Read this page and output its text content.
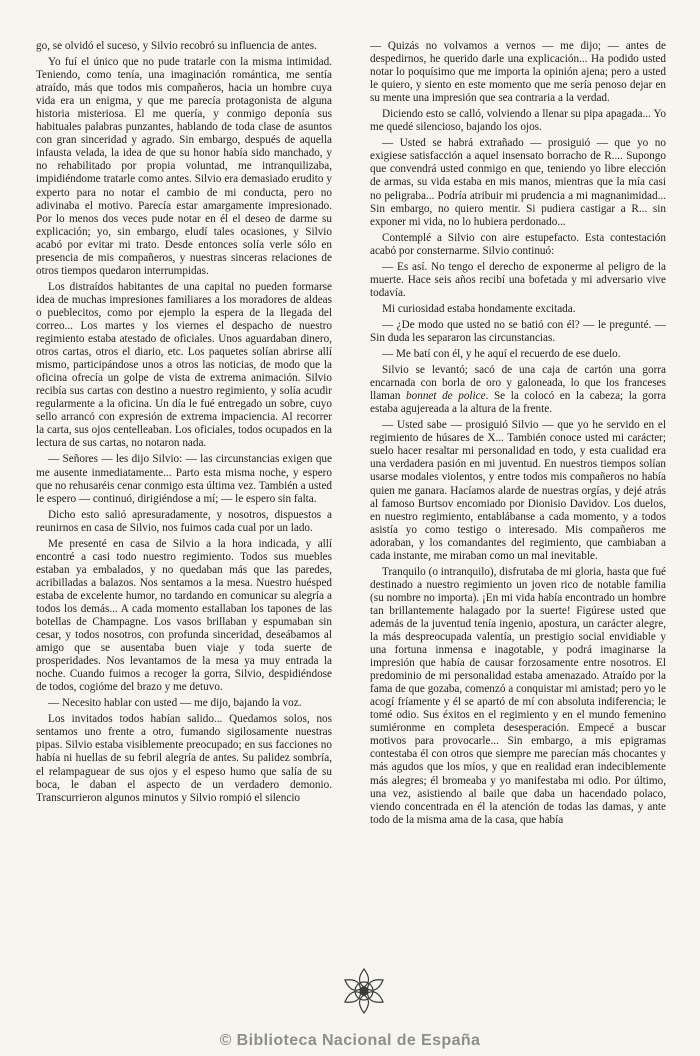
go, se olvidó el suceso, y Silvio recobró su influencia de antes.

Yo fuí el único que no pude tratarle con la misma intimidad. Teniendo, como tenía, una imaginación romántica, me sentía atraído, más que todos mis compañeros, hacia un hombre cuya vida era un enigma, y que me parecía protagonista de alguna historia misteriosa. El me quería, y conmigo deponía sus habituales palabras punzantes, hablando de toda clase de asuntos con gran sinceridad y agrado. Sin embargo, después de aquella infausta velada, la idea de que su honor había sido manchado, y no rehabilitado por propia voluntad, me intranquilizaba, impidiéndome tratarle como antes. Silvio era demasiado erudito y experto para no notar el cambio de mi conducta, pero no adivinaba el motivo. Parecía estar amargamente impresionado. Por lo menos dos veces pude notar en él el deseo de darme su explicación; yo, sin embargo, eludí tales ocasiones, y Silvio acabó por evitar mi trato. Desde entonces solía verle sólo en presencia de mis compañeros, y nuestras sinceras relaciones de otros tiempos quedaron interrumpidas.

Los distraídos habitantes de una capital no pueden formarse idea de muchas impresiones familiares a los moradores de aldeas o pueblecitos, como por ejemplo la espera de la llegada del correo... Los martes y los viernes el despacho de nuestro regimiento estaba atestado de oficiales. Unos aguardaban dinero, otros cartas, otros el diario, etc. Los paquetes solían abrirse allí mismo, participándose unos a otros las noticias, de modo que la oficina ofrecía un golpe de vista de extrema animación. Silvio recibía sus cartas con destino a nuestro regimiento, y solía acudir regularmente a la oficina. Un día le fué entregado un sobre, cuyo sello arrancó con expresión de extrema impaciencia. Al recorrer la carta, sus ojos centelleaban. Los oficiales, todos ocupados en la lectura de sus cartas, no notaron nada.

— Señores — les dijo Silvio: — las circunstancias exigen que me ausente inmediatamente... Parto esta misma noche, y espero que no rehusaréis cenar conmigo esta última vez. También a usted le espero — continuó, dirigiéndose a mí; — le espero sin falta.

Dicho esto salió apresuradamente, y nosotros, dispuestos a reunirnos en casa de Silvio, nos fuimos cada cual por un lado.

Me presenté en casa de Silvio a la hora indicada, y allí encontré a casi todo nuestro regimiento. Todos sus muebles estaban ya embalados, y no quedaban más que las paredes, acribilladas a balazos. Nos sentamos a la mesa. Nuestro huésped estaba de excelente humor, no tardando en comunicar su alegría a todos los demás... A cada momento estallaban los tapones de las botellas de Champagne. Los vasos brillaban y espumaban sin cesar, y todos nosotros, con profunda sinceridad, deseábamos al amigo que se ausentaba buen viaje y toda suerte de prosperidades. Nos levantamos de la mesa ya muy entrada la noche. Cuando fuimos a recoger la gorra, Silvio, despidiéndose de todos, cogióme del brazo y me detuvo.

— Necesito hablar con usted — me dijo, bajando la voz.

Los invitados todos habían salido... Quedamos solos, nos sentamos uno frente a otro, fumando sigilosamente nuestras pipas. Silvio estaba visiblemente preocupado; en sus facciones no había ni huellas de su febril alegría de antes. Su palidez sombría, el relampaguear de sus ojos y el espeso humo que salía de su boca, le daban el aspecto de un verdadero demonio. Transcurrieron algunos minutos y Silvio rompió el silencio

— Quizás no volvamos a vernos — me dijo; — antes de despedirnos, he querido darle una explicación... Ha podido usted notar lo poquísimo que me importa la opinión ajena; pero a usted le quiero, y siento en este momento que me sería penoso dejar en su mente una impresión que sea contraria a la verdad.

Diciendo esto se calló, volviendo a llenar su pipa apagada... Yo me quedé silencioso, bajando los ojos.

— Usted se habrá extrañado — prosiguió — que yo no exigiese satisfacción a aquel insensato borracho de R.... Supongo que convendrá usted conmigo en que, teniendo yo libre elección de armas, su vida estaba en mis manos, mientras que la mía casi no peligraba... Podría atribuir mi prudencia a mi magnanimidad... Sin embargo, no quiero mentir. Si pudiera castigar a R... sin exponer mi vida, no lo hubiera perdonado...

Contemplé a Silvio con aire estupefacto. Esta contestación acabó por consternarme. Silvio continuó:

— Es así. No tengo el derecho de exponerme al peligro de la muerte. Hace seis años recibí una bofetada y mi adversario vive todavía.

Mi curiosidad estaba hondamente excitada.

— ¿De modo que usted no se batió con él? — le pregunté. — Sin duda les separaron las circunstancias.

— Me batí con él, y he aquí el recuerdo de ese duelo.

Silvio se levantó; sacó de una caja de cartón una gorra encarnada con borla de oro y galoneada, lo que los franceses llaman bonnet de police. Se la colocó en la cabeza; la gorra estaba agujereada a la altura de la frente.

— Usted sabe — prosiguió Silvio — que yo he servido en el regimiento de húsares de X... También conoce usted mi carácter; suelo hacer resaltar mi personalidad en todo, y esta cualidad era una verdadera pasión en mi juventud. En nuestros tiempos solían usarse modales violentos, y entre todos mis compañeros no había quien me ganara. Hacíamos alarde de nuestras orgías, y dejé atrás al famoso Burtsov encomiado por Dionisio Davidov. Los duelos, en nuestro regimiento, entablábanse a cada momento, y a todos asistía yo como testigo o interesado. Mis compañeros me adoraban, y los comandantes del regimiento, que cambiaban a cada instante, me miraban como un mal inevitable.

Tranquilo (o intranquilo), disfrutaba de mi gloria, hasta que fué destinado a nuestro regimiento un joven rico de notable familia (su nombre no importa). ¡En mi vida había encontrado un hombre tan brillantemente halagado por la suerte! Figúrese usted que además de la juventud tenía ingenio, apostura, un carácter alegre, la más despreocupada valentía, un prestigio social envidiable y una fortuna inmensa e inagotable, y podrá imaginarse la impresión que había de causar forzosamente entre nosotros. El predominio de mi personalidad estaba amenazado. Atraído por la fama de que gozaba, comenzó a conquistar mi amistad; pero yo le acogí fríamente y él se apartó de mí con absoluta indiferencia; le tomé odio. Sus éxitos en el regimiento y en el mundo femenino sumiéronme en completa desesperación. Empecé a buscar motivos para provocarle... Sin embargo, a mis epigramas contestaba él con otros que siempre me parecían más chocantes y más agudos que los míos, y que en realidad eran indeciblemente más alegres; él bromeaba y yo manifestaba mi odio. Por último, una vez, asistiendo al baile que daba un hacendado polaco, viendo concentrada en él la atención de todas las damas, y ante todo de la misma ama de la casa, que había

© Biblioteca Nacional de España
